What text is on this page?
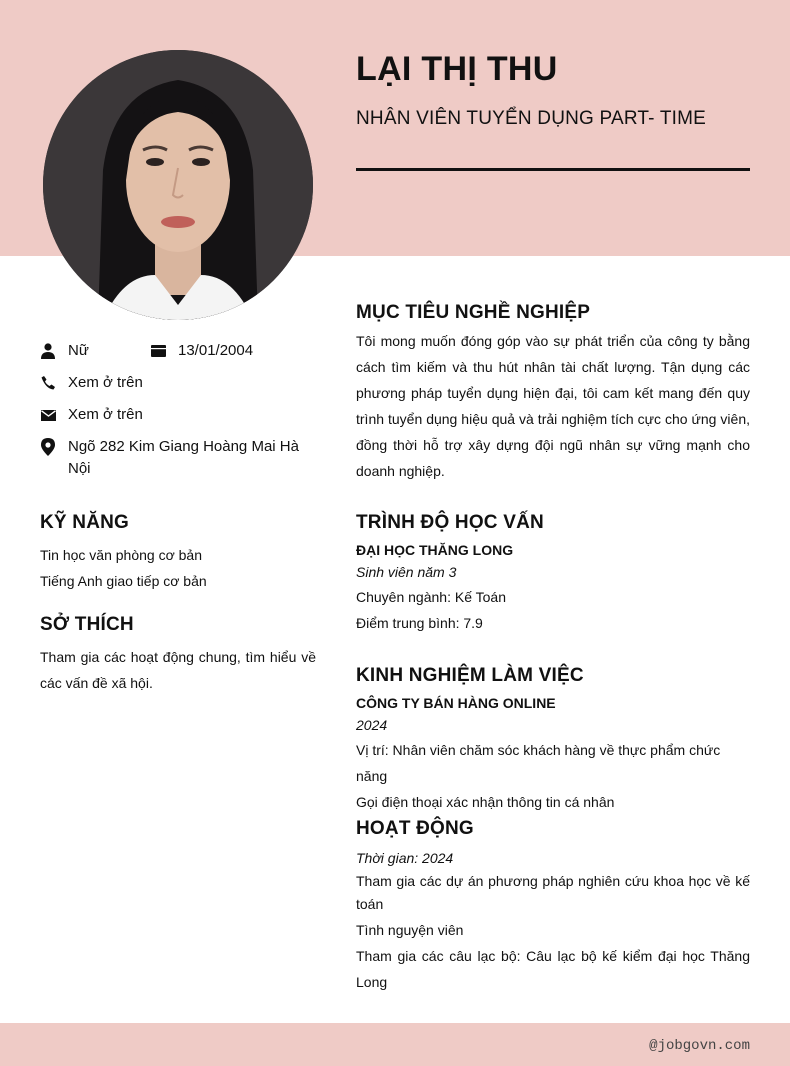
LẠI THỊ THU
NHÂN VIÊN TUYỂN DỤNG PART- TIME
Nữ	13/01/2004
Xem ở trên
Xem ở trên
Ngõ 282 Kim Giang Hoàng Mai Hà Nội
KỸ NĂNG
Tin học văn phòng cơ bản
Tiếng Anh giao tiếp cơ bản
SỞ THÍCH
Tham gia các hoạt động chung, tìm hiểu về các vấn đề xã hội.
MỤC TIÊU NGHỀ NGHIỆP
Tôi mong muốn đóng góp vào sự phát triển của công ty bằng cách tìm kiếm và thu hút nhân tài chất lượng. Tận dụng các phương pháp tuyển dụng hiện đại, tôi cam kết mang đến quy trình tuyển dụng hiệu quả và trải nghiệm tích cực cho ứng viên, đồng thời hỗ trợ xây dựng đội ngũ nhân sự vững mạnh cho doanh nghiệp.
TRÌNH ĐỘ HỌC VẤN
ĐẠI HỌC THĂNG LONG
Sinh viên năm 3
Chuyên ngành: Kế Toán
Điểm trung bình: 7.9
KINH NGHIỆM LÀM VIỆC
CÔNG TY BÁN HÀNG ONLINE
2024
Vị trí: Nhân viên chăm sóc khách hàng về thực phẩm chức năng
Gọi điện thoại xác nhận thông tin cá nhân
HOẠT ĐỘNG
Thời gian: 2024
Tham gia các dự án phương pháp nghiên cứu khoa học về kế toán
Tình nguyện viên
Tham gia các câu lạc bộ: Câu lạc bộ kế kiểm đại học Thăng Long
@jobgovn.com
